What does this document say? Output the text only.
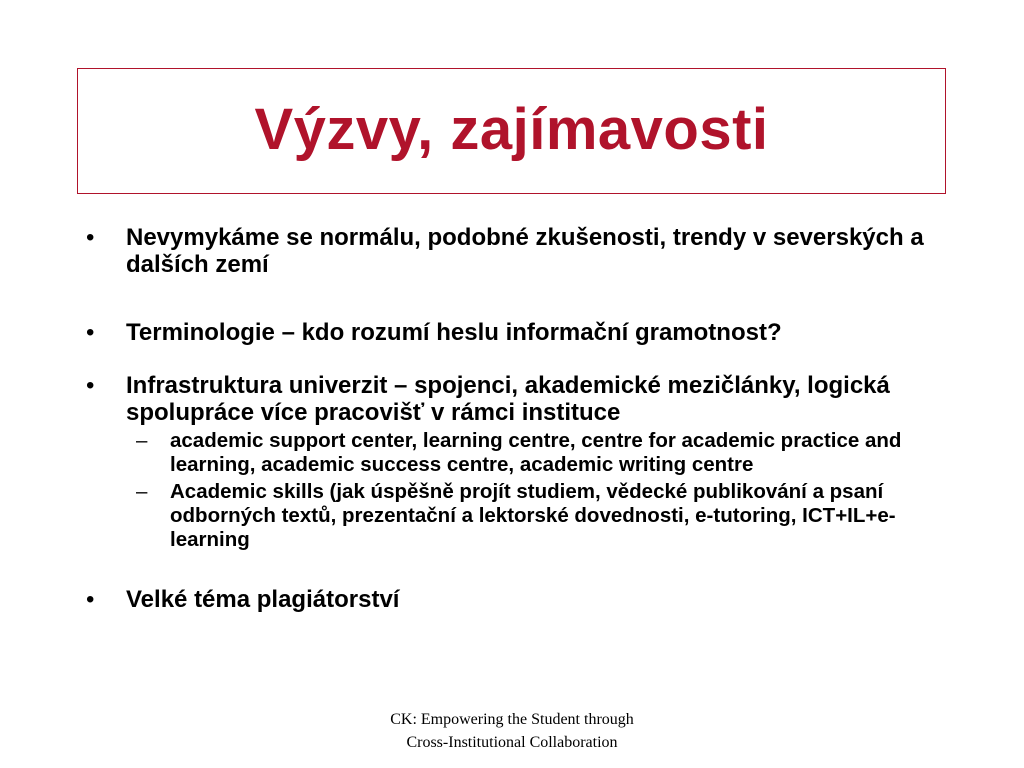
Výzvy, zajímavosti
• Nevymykáme se normálu, podobné zkušenosti, trendy v severských a dalších zemí
• Terminologie – kdo rozumí heslu informační gramotnost?
• Infrastruktura univerzit – spojenci, akademické mezičlánky, logická spolupráce více pracovišť v rámci instituce
– academic support center, learning centre, centre for academic practice and learning, academic success centre, academic writing centre
– Academic skills (jak úspěšně projít studiem, vědecké publikování a psaní odborných textů, prezentační a lektorské dovednosti, e-tutoring, ICT+IL+e-learning
• Velké téma plagiátorství
CK: Empowering the Student through
Cross-Institutional Collaboration
